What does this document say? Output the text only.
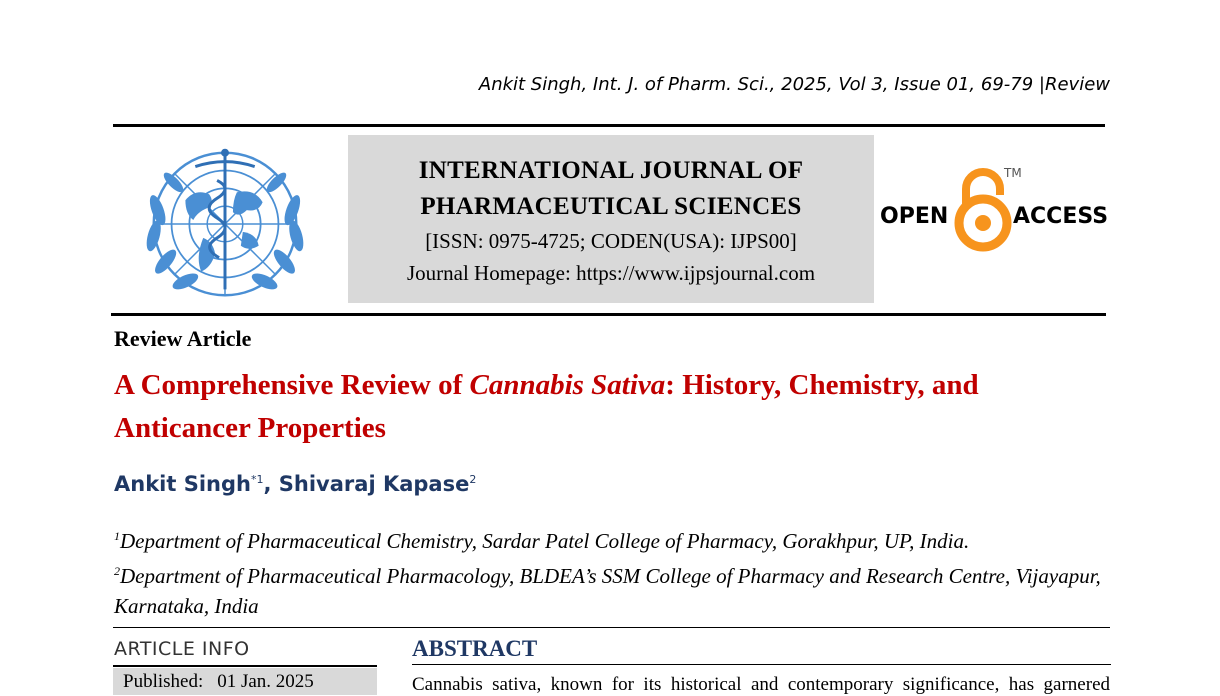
Ankit Singh, Int. J. of Pharm. Sci., 2025, Vol 3, Issue 01, 69-79 |Review
INTERNATIONAL JOURNAL OF
PHARMACEUTICAL SCIENCES
[ISSN: 0975-4725; CODEN(USA): IJPS00]
Journal Homepage: https://www.ijpsjournal.com
OPEN
TM
ACCESS
Review Article
A Comprehensive Review of Cannabis Sativa: History, Chemistry, and Anticancer Properties
Ankit Singh$^{*1}$, Shivaraj Kapase$^2$
$^1$Department of Pharmaceutical Chemistry, Sardar Patel College of Pharmacy, Gorakhpur, UP, India.
$^2$Department of Pharmaceutical Pharmacology, BLDEA’s SSM College of Pharmacy and Research Centre, Vijayapur, Karnataka, India
ARTICLE INFO
Published: 01 Jan. 2025
ABSTRACT
Cannabis sativa, known for its historical and contemporary significance, has garnered
